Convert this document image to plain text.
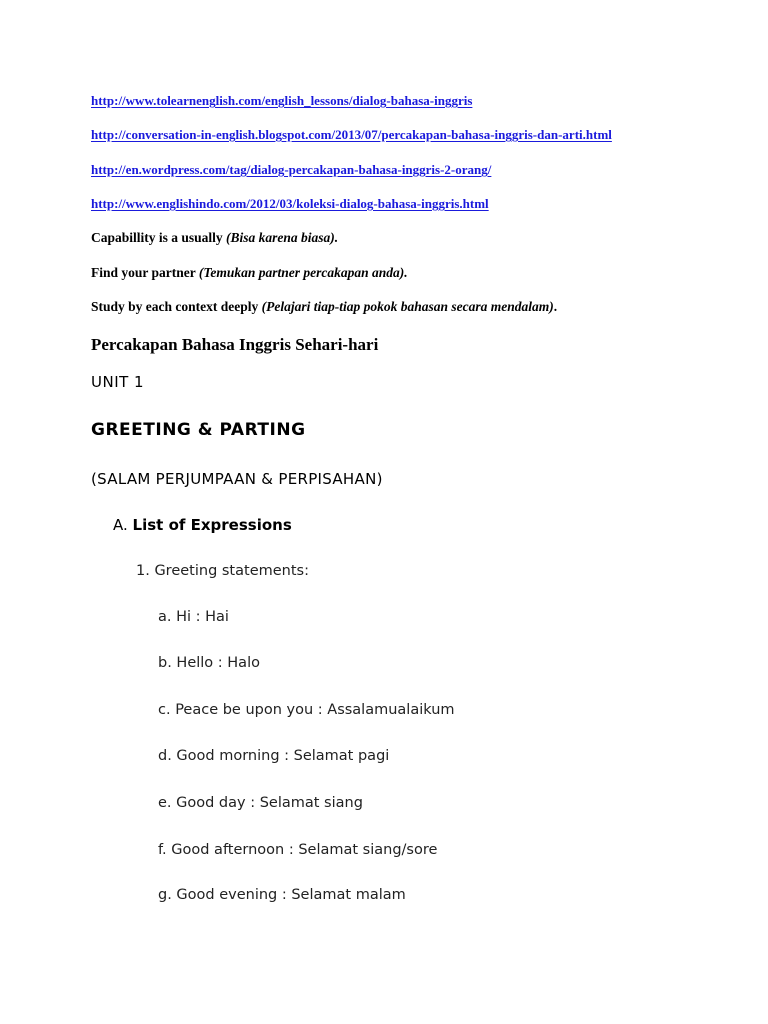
http://www.tolearnenglish.com/english_lessons/dialog-bahasa-inggris
http://conversation-in-english.blogspot.com/2013/07/percakapan-bahasa-inggris-dan-arti.html
http://en.wordpress.com/tag/dialog-percakapan-bahasa-inggris-2-orang/
http://www.englishindo.com/2012/03/koleksi-dialog-bahasa-inggris.html
Capabillity is a usually (Bisa karena biasa).
Find your partner (Temukan partner percakapan anda).
Study by each context deeply (Pelajari tiap-tiap pokok bahasan secara mendalam).
Percakapan Bahasa Inggris Sehari-hari
UNIT 1
GREETING & PARTING
(SALAM PERJUMPAAN & PERPISAHAN)
A. List of Expressions
1. Greeting statements:
a. Hi : Hai
b. Hello : Halo
c. Peace be upon you : Assalamualaikum
d. Good morning : Selamat pagi
e. Good day : Selamat siang
f. Good afternoon : Selamat siang/sore
g. Good evening : Selamat malam
